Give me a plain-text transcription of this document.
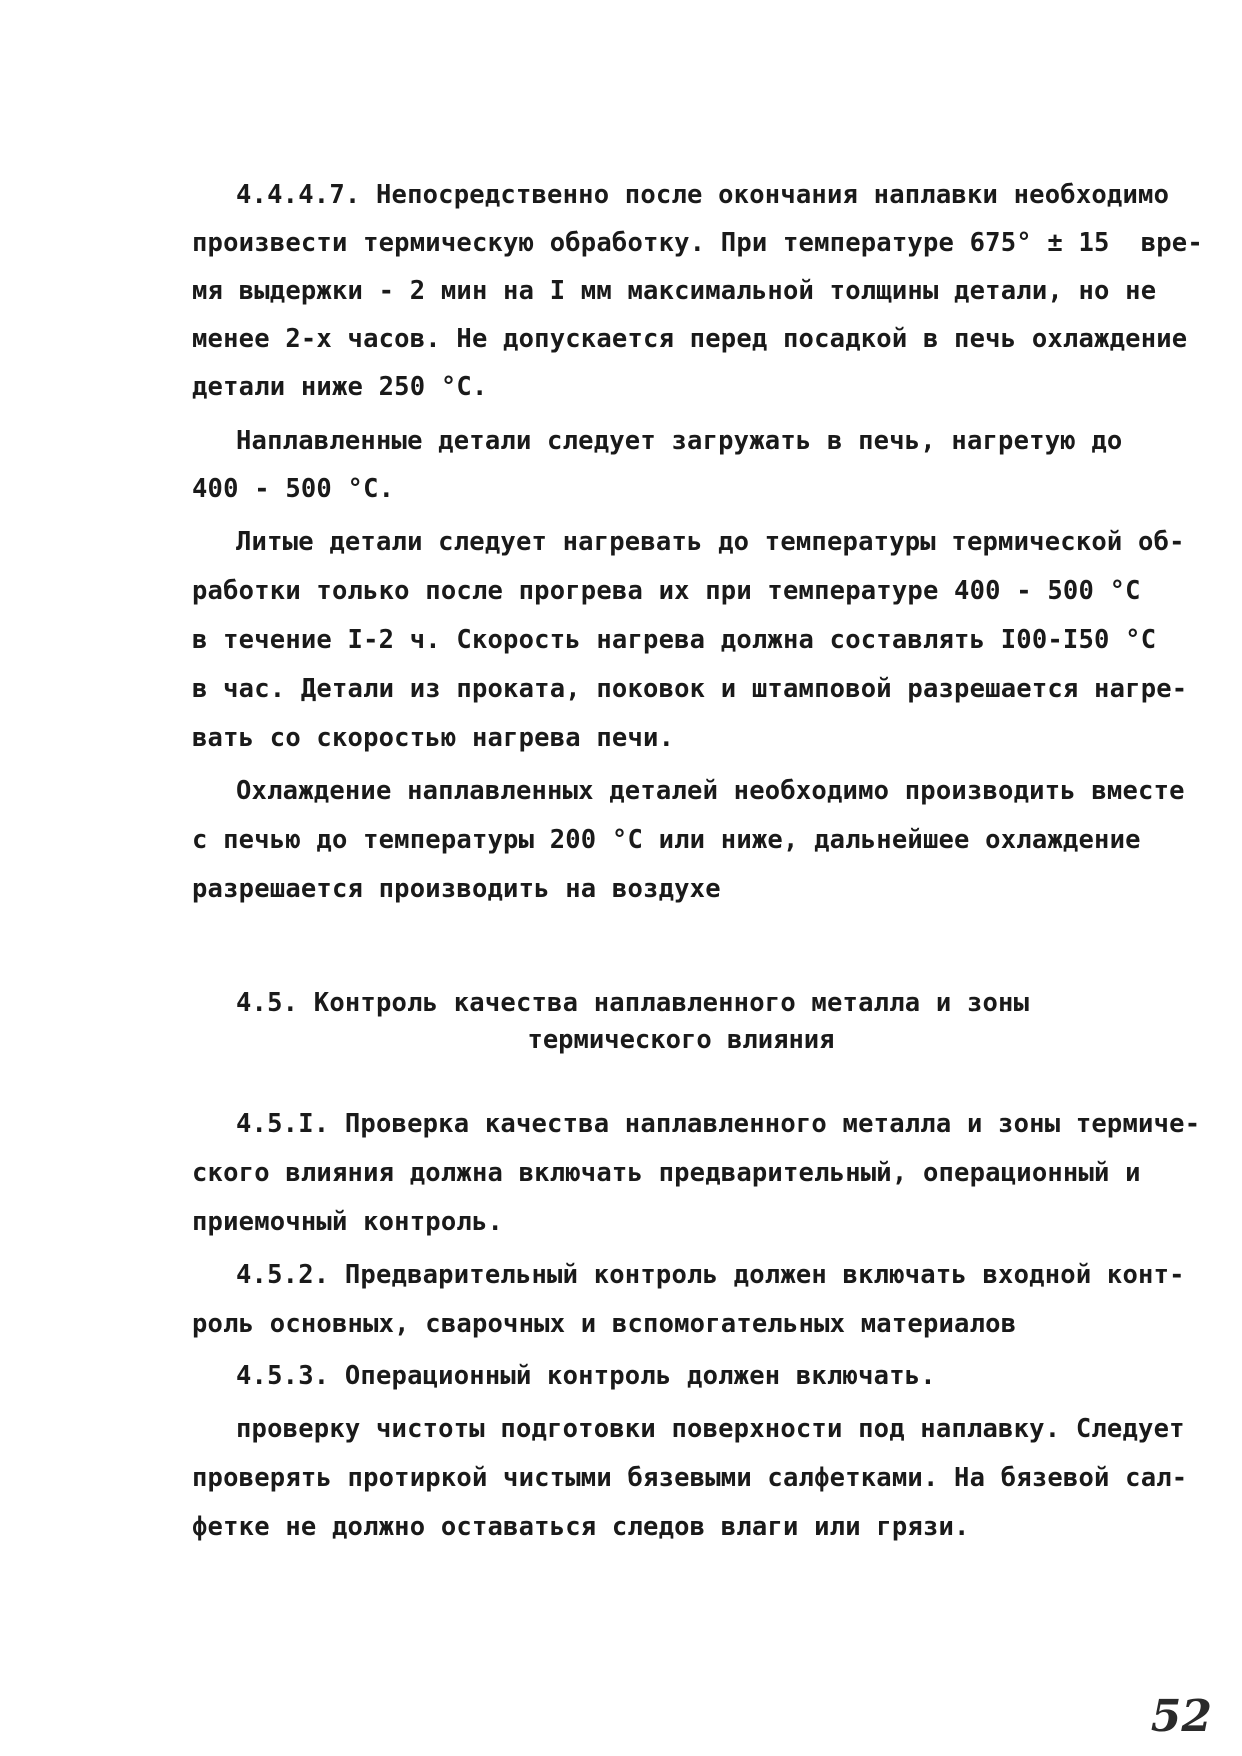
4.4.4.7. Непосредственно после окончания наплавки необходимо
произвести термическую обработку. При температуре 675° ± 15  вре-
мя выдержки - 2 мин на I мм максимальной толщины детали, но не
менее 2-х часов. Не допускается перед посадкой в печь охлаждение
детали ниже 250 °С.
Наплавленные детали следует загружать в печь, нагретую до
400 - 500 °С.
Литые детали следует нагревать до температуры термической об-
работки только после прогрева их при температуре 400 - 500 °С
в течение I-2 ч. Скорость нагрева должна составлять I00-I50 °С
в час. Детали из проката, поковок и штамповой разрешается нагре-
вать со скоростью нагрева печи.
Охлаждение наплавленных деталей необходимо производить вместе
с печью до температуры 200 °С или ниже, дальнейшее охлаждение
разрешается производить на воздухе
4.5. Контроль качества наплавленного металла и зоны
термического влияния
4.5.I. Проверка качества наплавленного металла и зоны термиче-
ского влияния должна включать предварительный, операционный и
приемочный контроль.
4.5.2. Предварительный контроль должен включать входной конт-
роль основных, сварочных и вспомогательных материалов
4.5.3. Операционный контроль должен включать.
проверку чистоты подготовки поверхности под наплавку. Следует
проверять протиркой чистыми бязевыми салфетками. На бязевой сал-
фетке не должно оставаться следов влаги или грязи.
52
